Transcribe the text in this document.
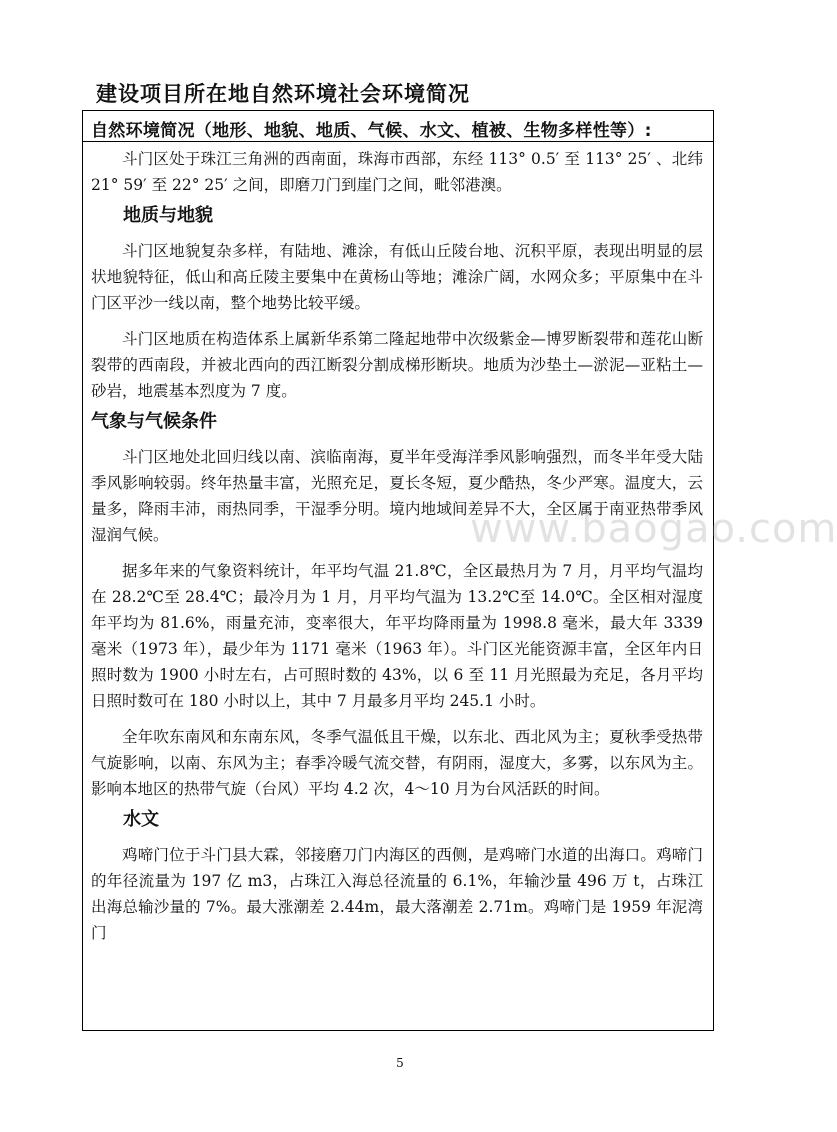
建设项目所在地自然环境社会环境简况
自然环境简况（地形、地貌、地质、气候、水文、植被、生物多样性等）:

斗门区处于珠江三角洲的西南面，珠海市西部，东经 113° 0.5′ 至 113° 25′ 、北纬 21° 59′ 至 22° 25′ 之间，即磨刀门到崖门之间，毗邻港澳。

地质与地貌

斗门区地貌复杂多样，有陆地、滩涂，有低山丘陵台地、沉积平原，表现出明显的层状地貌特征，低山和高丘陵主要集中在黄杨山等地；滩涂广阔，水网众多；平原集中在斗门区平沙一线以南，整个地势比较平缓。

斗门区地质在构造体系上属新华系第二隆起地带中次级紫金—博罗断裂带和莲花山断裂带的西南段，并被北西向的西江断裂分割成梯形断块。地质为沙垫土—淤泥—亚粘土—砂岩，地震基本烈度为 7 度。

气象与气候条件

斗门区地处北回归线以南、滨临南海，夏半年受海洋季风影响强烈，而冬半年受大陆季风影响较弱。终年热量丰富，光照充足，夏长冬短，夏少酷热，冬少严寒。温度大，云量多，降雨丰沛，雨热同季，干湿季分明。境内地域间差异不大，全区属于南亚热带季风湿润气候。

据多年来的气象资料统计，年平均气温 21.8℃，全区最热月为 7 月，月平均气温均在 28.2℃至 28.4℃；最冷月为 1 月，月平均气温为 13.2℃至 14.0℃。全区相对湿度年平均为 81.6%，雨量充沛，变率很大，年平均降雨量为 1998.8 毫米，最大年 3339 毫米（1973 年），最少年为 1171 毫米（1963 年）。斗门区光能资源丰富，全区年内日照时数为 1900 小时左右，占可照时数的 43%，以 6 至 11 月光照最为充足，各月平均日照时数可在 180 小时以上，其中 7 月最多月平均 245.1 小时。

全年吹东南风和东南东风，冬季气温低且干燥，以东北、西北风为主；夏秋季受热带气旋影响，以南、东风为主；春季冷暖气流交替，有阴雨，湿度大，多雾，以东风为主。影响本地区的热带气旋（台风）平均 4.2 次，4～10 月为台风活跃的时间。

水文

鸡啼门位于斗门县大霖，邻接磨刀门内海区的西侧，是鸡啼门水道的出海口。鸡啼门的年径流量为 197 亿 m3，占珠江入海总径流量的 6.1%，年输沙量 496 万 t，占珠江出海总输沙量的 7%。最大涨潮差 2.44m，最大落潮差 2.71m。鸡啼门是 1959 年泥湾门

www.baogao.com
5
